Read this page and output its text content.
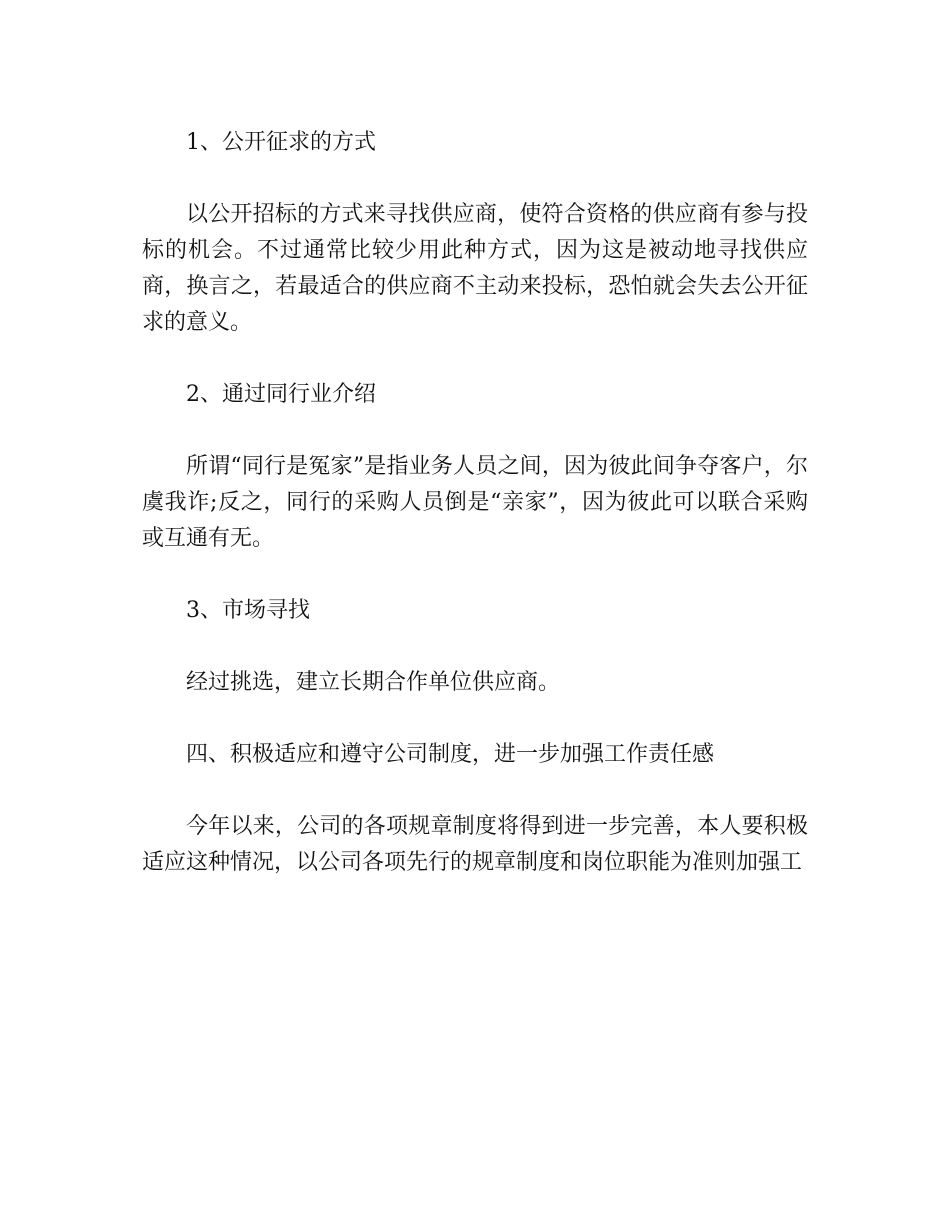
1、公开征求的方式

以公开招标的方式来寻找供应商，使符合资格的供应商有参与投标的机会。不过通常比较少用此种方式，因为这是被动地寻找供应商，换言之，若最适合的供应商不主动来投标，恐怕就会失去公开征求的意义。

2、通过同行业介绍

所谓“同行是冤家”是指业务人员之间，因为彼此间争夺客户，尔虞我诈;反之，同行的采购人员倒是“亲家”，因为彼此可以联合采购或互通有无。

3、市场寻找

经过挑选，建立长期合作单位供应商。

四、积极适应和遵守公司制度，进一步加强工作责任感

今年以来，公司的各项规章制度将得到进一步完善，本人要积极适应这种情况，以公司各项先行的规章制度和岗位职能为准则加强工
